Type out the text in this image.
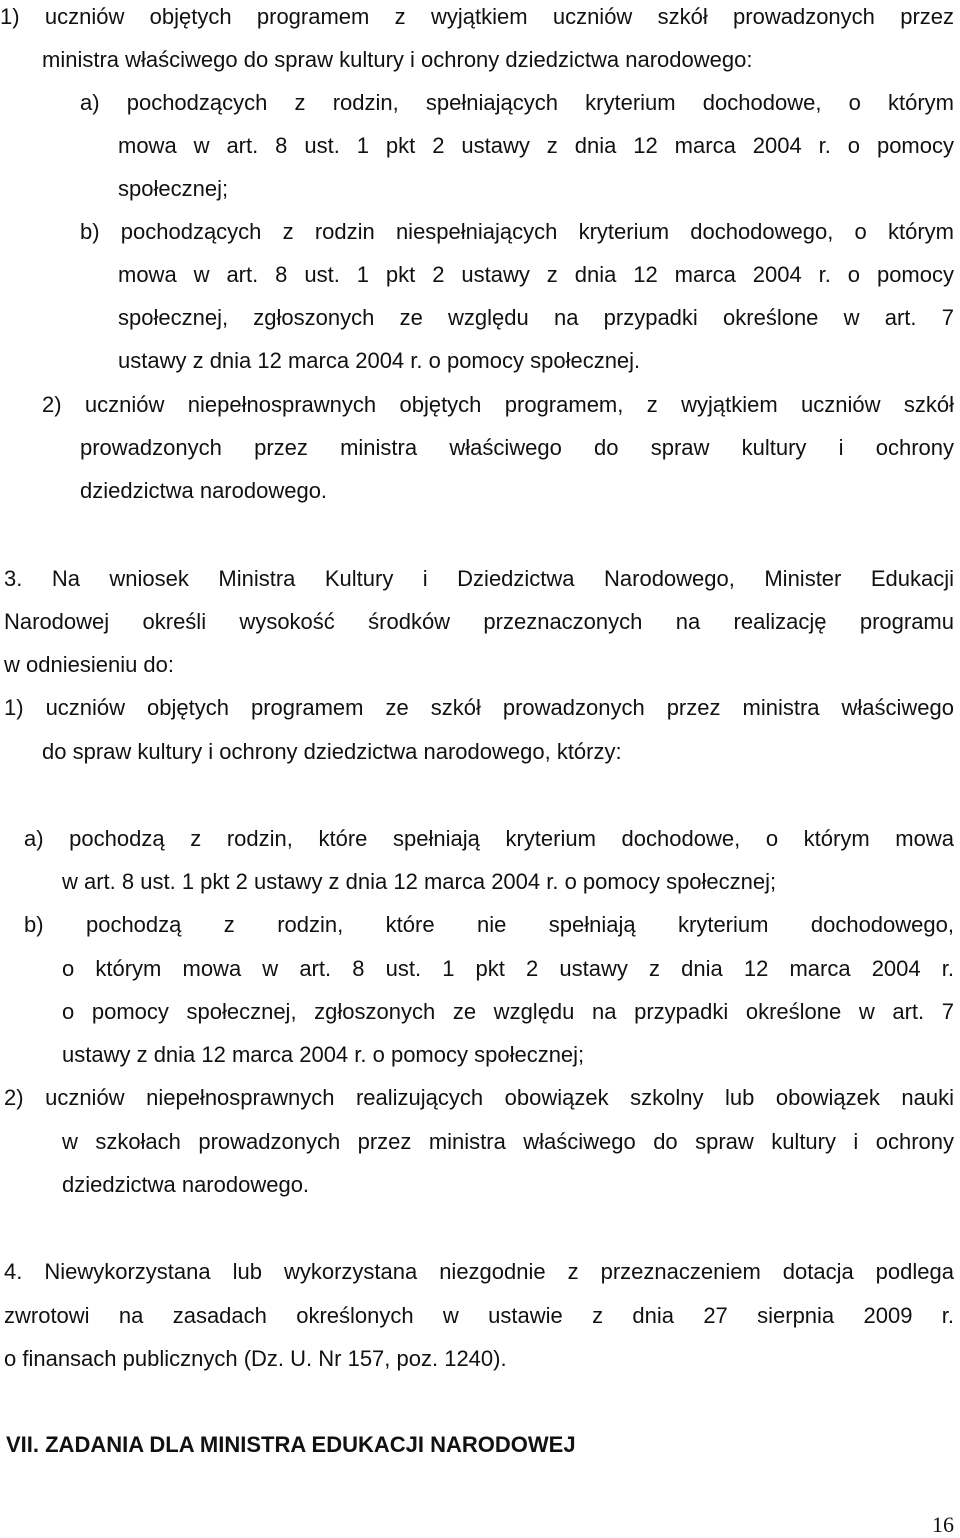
1) uczniów objętych programem z wyjątkiem uczniów szkół prowadzonych przez
ministra właściwego do spraw kultury i ochrony dziedzictwa narodowego:
a) pochodzących z rodzin, spełniających kryterium dochodowe, o którym
mowa w art. 8 ust. 1 pkt 2 ustawy z dnia 12 marca 2004 r. o pomocy
społecznej;
b) pochodzących z rodzin niespełniających kryterium dochodowego, o którym
mowa w art. 8 ust. 1 pkt 2 ustawy z dnia 12 marca 2004 r. o pomocy
społecznej, zgłoszonych ze względu na przypadki określone w art. 7
ustawy z dnia 12 marca 2004 r. o pomocy społecznej.
2) uczniów niepełnosprawnych objętych programem, z wyjątkiem uczniów szkół
prowadzonych przez ministra właściwego do spraw kultury i ochrony
dziedzictwa narodowego.
3. Na wniosek Ministra Kultury i Dziedzictwa Narodowego, Minister Edukacji
Narodowej określi wysokość środków przeznaczonych na realizację programu
w odniesieniu do:
1) uczniów objętych programem ze szkół prowadzonych przez ministra właściwego
do spraw kultury i ochrony dziedzictwa narodowego, którzy:
a) pochodzą z rodzin, które spełniają kryterium dochodowe, o którym mowa
w art. 8 ust. 1 pkt 2 ustawy z dnia 12 marca 2004 r. o pomocy społecznej;
b) pochodzą z rodzin, które nie spełniają kryterium dochodowego,
o którym mowa w art. 8 ust. 1 pkt 2 ustawy z dnia 12 marca 2004 r.
o pomocy społecznej, zgłoszonych ze względu na przypadki określone w art. 7
ustawy z dnia 12 marca 2004 r. o pomocy społecznej;
2) uczniów niepełnosprawnych realizujących obowiązek szkolny lub obowiązek nauki
w szkołach prowadzonych przez ministra właściwego do spraw kultury i ochrony
dziedzictwa narodowego.
4. Niewykorzystana lub wykorzystana niezgodnie z przeznaczeniem dotacja podlega
zwrotowi na zasadach określonych w ustawie z dnia 27 sierpnia 2009 r.
o finansach publicznych (Dz. U. Nr 157, poz. 1240).
VII. ZADANIA DLA MINISTRA EDUKACJI NARODOWEJ
16
